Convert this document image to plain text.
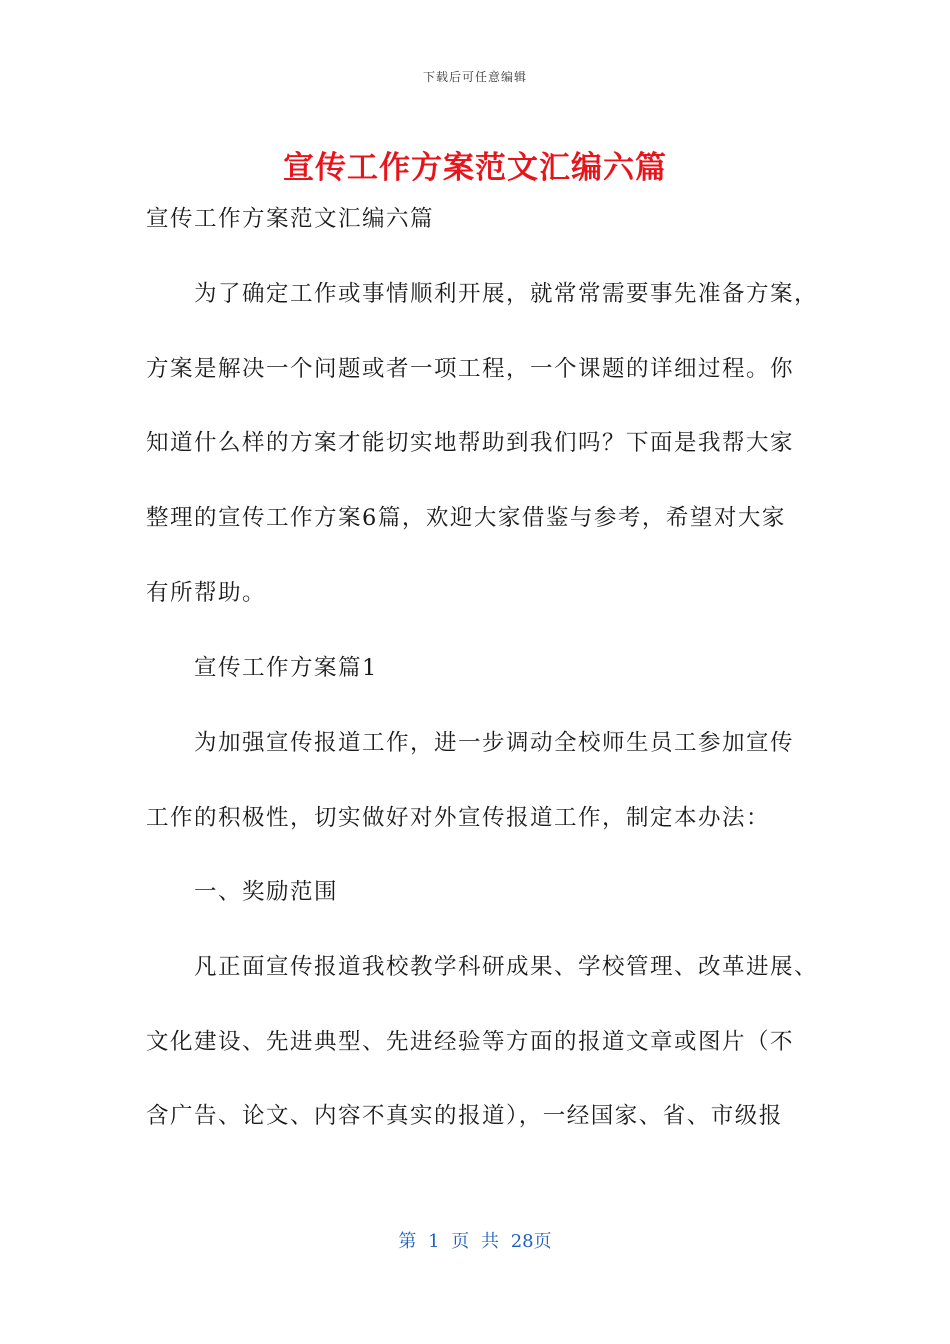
下载后可任意编辑
宣传工作方案范文汇编六篇
宣传工作方案范文汇编六篇
为了确定工作或事情顺利开展，就常常需要事先准备方案，
方案是解决一个问题或者一项工程，一个课题的详细过程。你
知道什么样的方案才能切实地帮助到我们吗？下面是我帮大家
整理的宣传工作方案6篇，欢迎大家借鉴与参考，希望对大家
有所帮助。
宣传工作方案篇1
为加强宣传报道工作，进一步调动全校师生员工参加宣传
工作的积极性，切实做好对外宣传报道工作，制定本办法：
一、奖励范围
凡正面宣传报道我校教学科研成果、学校管理、改革进展、
文化建设、先进典型、先进经验等方面的报道文章或图片（不
含广告、论文、内容不真实的报道），一经国家、省、市级报
第 1 页 共 28页
